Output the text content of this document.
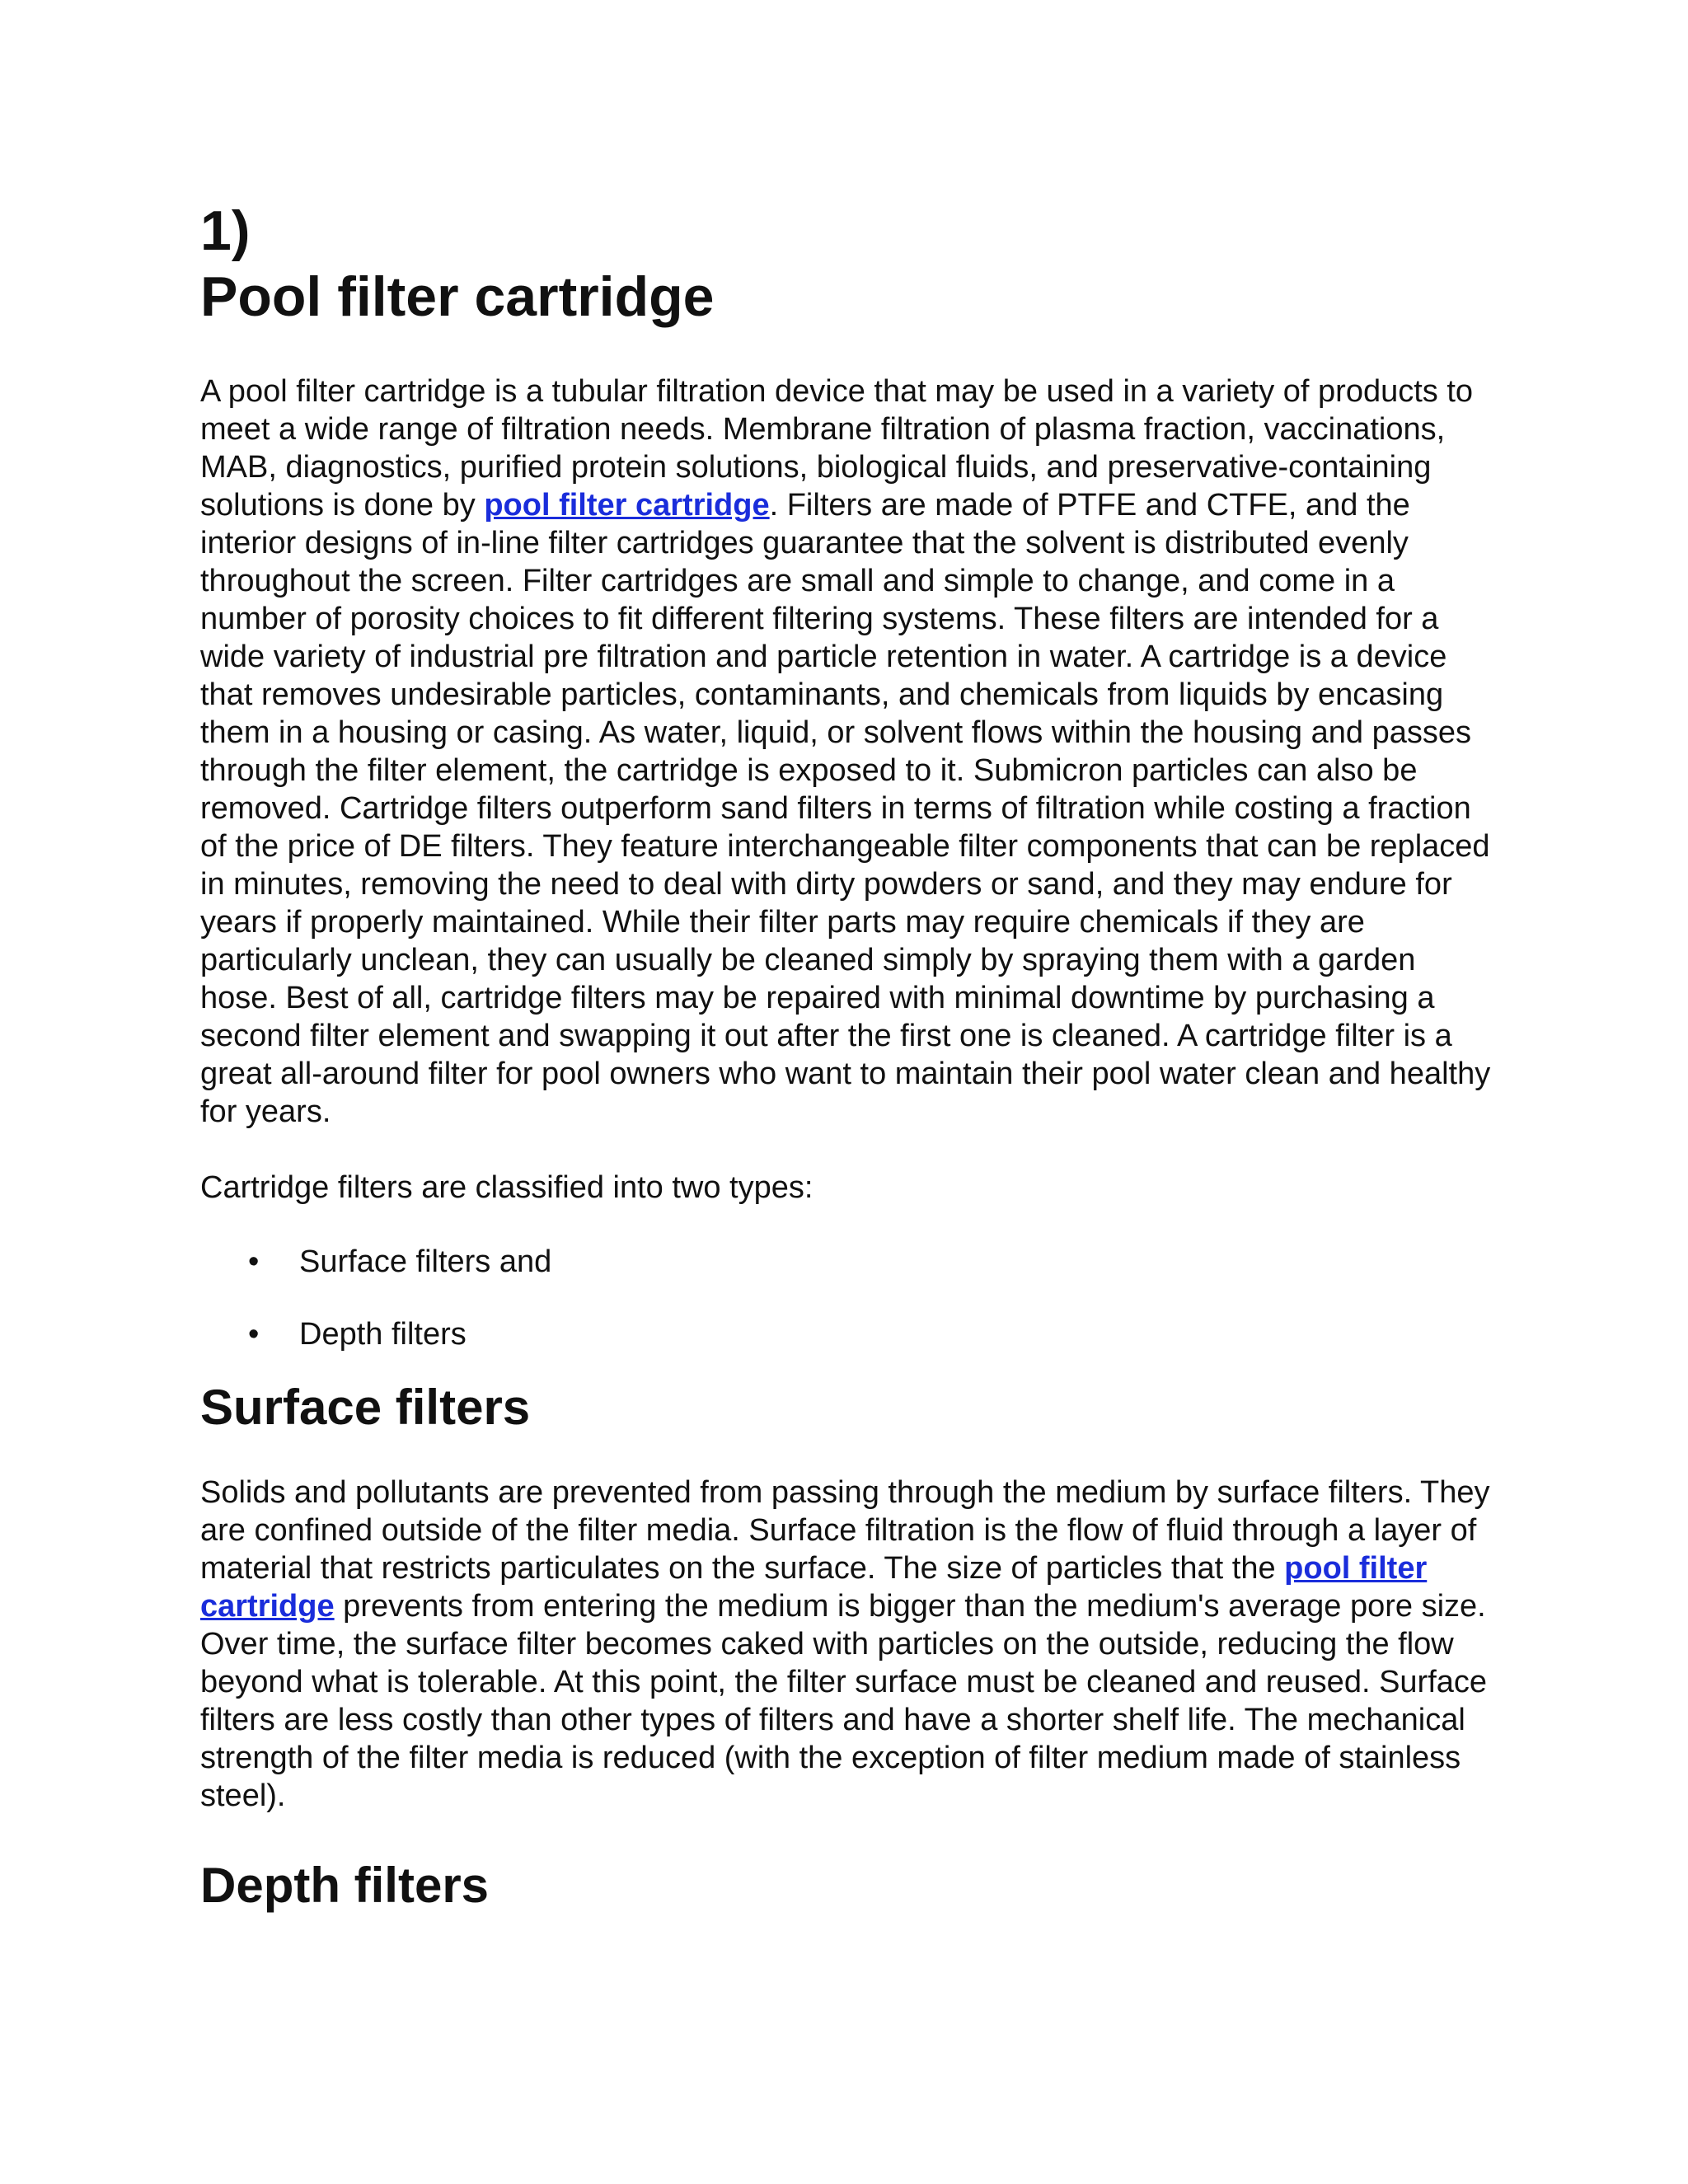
1)
Pool filter cartridge

A pool filter cartridge is a tubular filtration device that may be used in a variety of products to meet a wide range of filtration needs. Membrane filtration of plasma fraction, vaccinations, MAB, diagnostics, purified protein solutions, biological fluids, and preservative-containing solutions is done by pool filter cartridge. Filters are made of PTFE and CTFE, and the interior designs of in-line filter cartridges guarantee that the solvent is distributed evenly throughout the screen. Filter cartridges are small and simple to change, and come in a number of porosity choices to fit different filtering systems. These filters are intended for a wide variety of industrial pre filtration and particle retention in water. A cartridge is a device that removes undesirable particles, contaminants, and chemicals from liquids by encasing them in a housing or casing. As water, liquid, or solvent flows within the housing and passes through the filter element, the cartridge is exposed to it. Submicron particles can also be removed. Cartridge filters outperform sand filters in terms of filtration while costing a fraction of the price of DE filters. They feature interchangeable filter components that can be replaced in minutes, removing the need to deal with dirty powders or sand, and they may endure for years if properly maintained. While their filter parts may require chemicals if they are particularly unclean, they can usually be cleaned simply by spraying them with a garden hose. Best of all, cartridge filters may be repaired with minimal downtime by purchasing a second filter element and swapping it out after the first one is cleaned. A cartridge filter is a great all-around filter for pool owners who want to maintain their pool water clean and healthy for years.

Cartridge filters are classified into two types:

• Surface filters and
• Depth filters
Surface filters

Solids and pollutants are prevented from passing through the medium by surface filters. They are confined outside of the filter media. Surface filtration is the flow of fluid through a layer of material that restricts particulates on the surface. The size of particles that the pool filter cartridge prevents from entering the medium is bigger than the medium's average pore size. Over time, the surface filter becomes caked with particles on the outside, reducing the flow beyond what is tolerable. At this point, the filter surface must be cleaned and reused. Surface filters are less costly than other types of filters and have a shorter shelf life. The mechanical strength of the filter media is reduced (with the exception of filter medium made of stainless steel).

Depth filters
